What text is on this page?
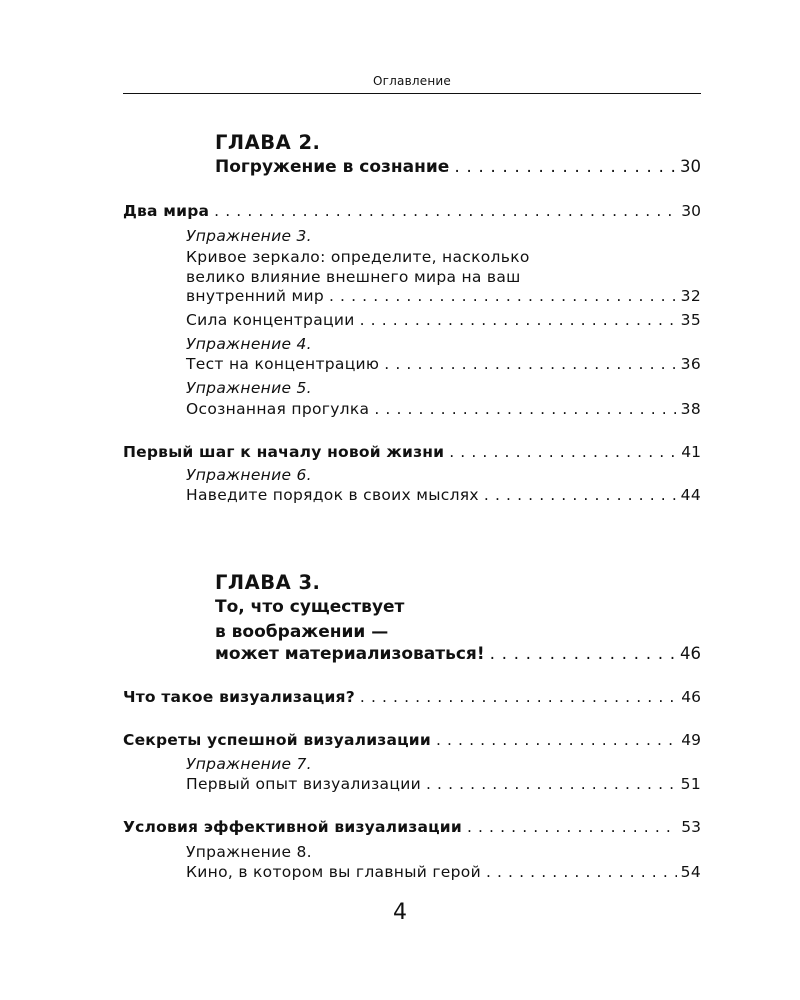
Оглавление
ГЛАВА 2.
Погружение в сознание . . .	30
Два мира . . .	30
Упражнение 3.
Кривое зеркало: определите, насколько
велико влияние внешнего мира на ваш
внутренний мир . . .	32
Сила концентрации . . .	35
Упражнение 4.
Тест на концентрацию . . .	36
Упражнение 5.
Осознанная прогулка . . .	38
Первый шаг к началу новой жизни . . .	41
Упражнение 6.
Наведите порядок в своих мыслях . . .	44
ГЛАВА 3.
То, что существует
в воображении —
может материализоваться! . . .	46
Что такое визуализация? . . .	46
Секреты успешной визуализации . . .	49
Упражнение 7.
Первый опыт визуализации . . .	51
Условия эффективной визуализации . . .	53
Упражнение 8.
Кино, в котором вы главный герой . . .	54
4
